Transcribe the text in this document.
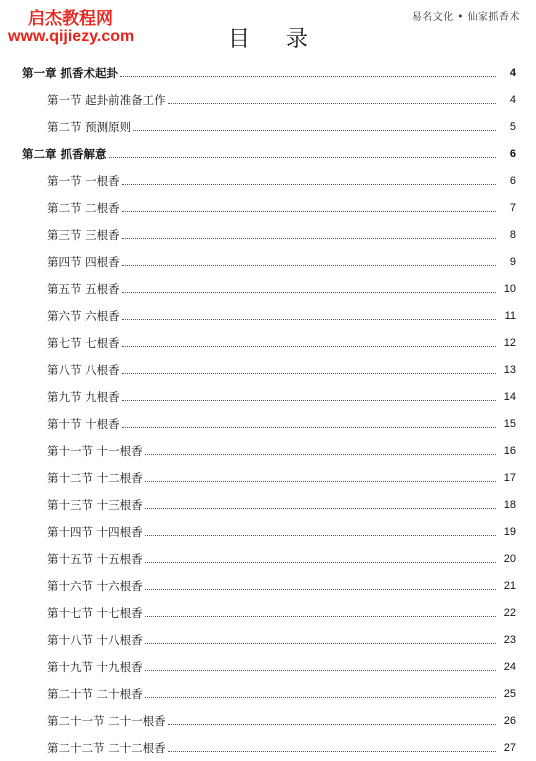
启杰教程网
www.qijiezy.com
易名文化 • 仙家抓香术
目录
第一章 抓香术起卦	4
第一节 起卦前准备工作	4
第二节 预测原则	5
第二章 抓香解意	6
第一节 一根香	6
第二节 二根香	7
第三节 三根香	8
第四节 四根香	9
第五节 五根香	10
第六节 六根香	11
第七节 七根香	12
第八节 八根香	13
第九节 九根香	14
第十节 十根香	15
第十一节 十一根香	16
第十二节 十二根香	17
第十三节 十三根香	18
第十四节 十四根香	19
第十五节 十五根香	20
第十六节 十六根香	21
第十七节 十七根香	22
第十八节 十八根香	23
第十九节 十九根香	24
第二十节 二十根香	25
第二十一节 二十一根香	26
第二十二节 二十二根香	27
